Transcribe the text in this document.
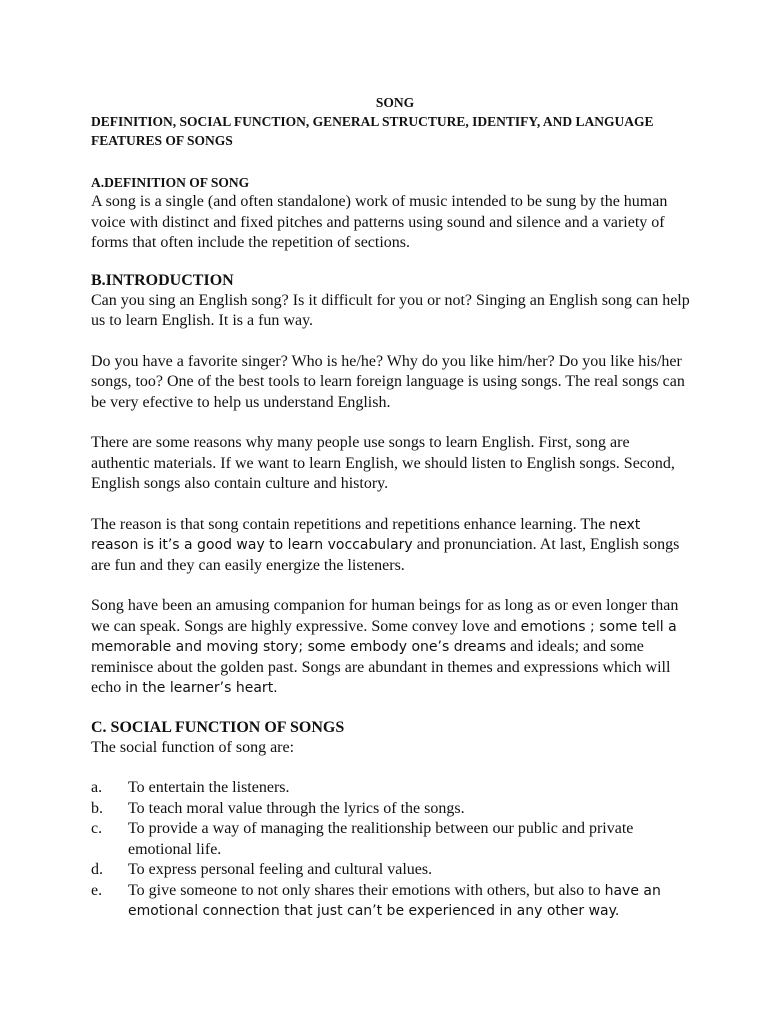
SONG
DEFINITION, SOCIAL FUNCTION, GENERAL STRUCTURE, IDENTIFY, AND LANGUAGE FEATURES OF SONGS
A.DEFINITION OF SONG

A song is a single (and often standalone) work of music intended to be sung by the human voice with distinct and fixed pitches and patterns using sound and silence and a variety of forms that often include the repetition of sections.

B.INTRODUCTION

Can you sing an English song? Is it difficult for you or not? Singing an English song can help us to learn English. It is a fun way.

Do you have a favorite singer? Who is he/he? Why do you like him/her? Do you like his/her songs, too? One of the best tools to learn foreign language is using songs. The real songs can be very efective to help us understand English.

There are some reasons why many people use songs to learn English. First, song are authentic materials. If we want to learn English, we should listen to English songs. Second, English songs also contain culture and history.

The reason is that song contain repetitions and repetitions enhance learning. The next reason is it’s a good way to learn voccabulary and pronunciation. At last, English songs are fun and they can easily energize the listeners.

Song have been an amusing companion for human beings for as long as or even longer than we can speak. Songs are highly expressive. Some convey love and emotions ; some tell a memorable and moving story; some embody one’s dreams and ideals; and some reminisce about the golden past. Songs are abundant in themes and expressions which will echo in the learner’s heart.

C. SOCIAL FUNCTION OF SONGS

The social function of song are:

a.	To entertain the listeners.
b.	To teach moral value through the lyrics of the songs.
c.	To provide a way of managing the realitionship between our public and private emotional life.
d.	To express personal feeling and cultural values.
e.	To give someone to not only shares their emotions with others, but also to have an emotional connection that just can’t be experienced in any other way.
